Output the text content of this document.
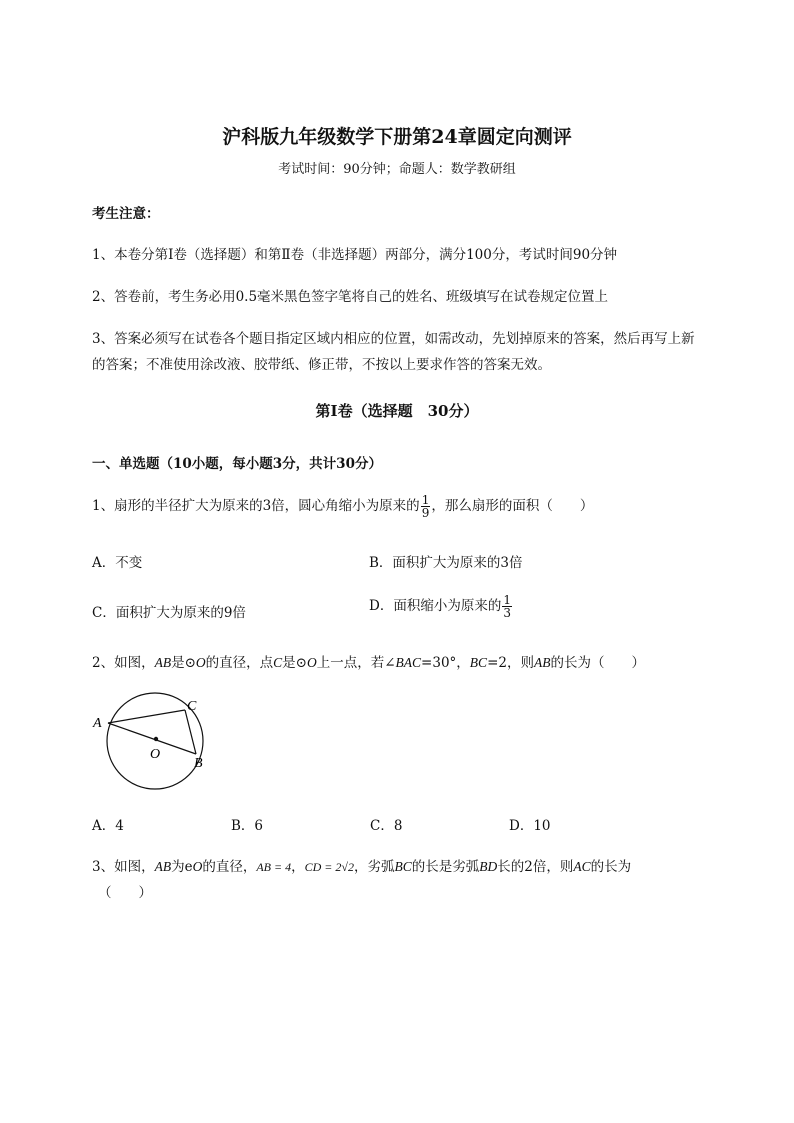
沪科版九年级数学下册第24章圆定向测评
考试时间：90分钟；命题人：数学教研组
考生注意：
1、本卷分第Ⅰ卷（选择题）和第Ⅱ卷（非选择题）两部分，满分100分，考试时间90分钟
2、答卷前，考生务必用0.5毫米黑色签字笔将自己的姓名、班级填写在试卷规定位置上
3、答案必须写在试卷各个题目指定区域内相应的位置，如需改动，先划掉原来的答案，然后再写上新
的答案；不准使用涂改液、胶带纸、修正带，不按以上要求作答的答案无效。
第Ⅰ卷（选择题　30分）
一、单选题（10小题，每小题3分，共计30分）
1、扇形的半径扩大为原来的3倍，圆心角缩小为原来的 $\frac{1}{9}$ ，那么扇形的面积（　　）
A．不变	B．面积扩大为原来的3倍
C．面积扩大为原来的9倍	D．面积缩小为原来的 $\frac{1}{3}$
2、如图，AB是⊙O的直径，点C是⊙O上一点，若∠BAC=30°，BC=2，则AB的长为（　　）
A
C
O
B
A．4	B．6	C．8	D．10
3、如图，AB为eO的直径，AB = 4，CD = 2√2，劣弧BC的长是劣弧BD长的2倍，则AC的长为
（　　）
